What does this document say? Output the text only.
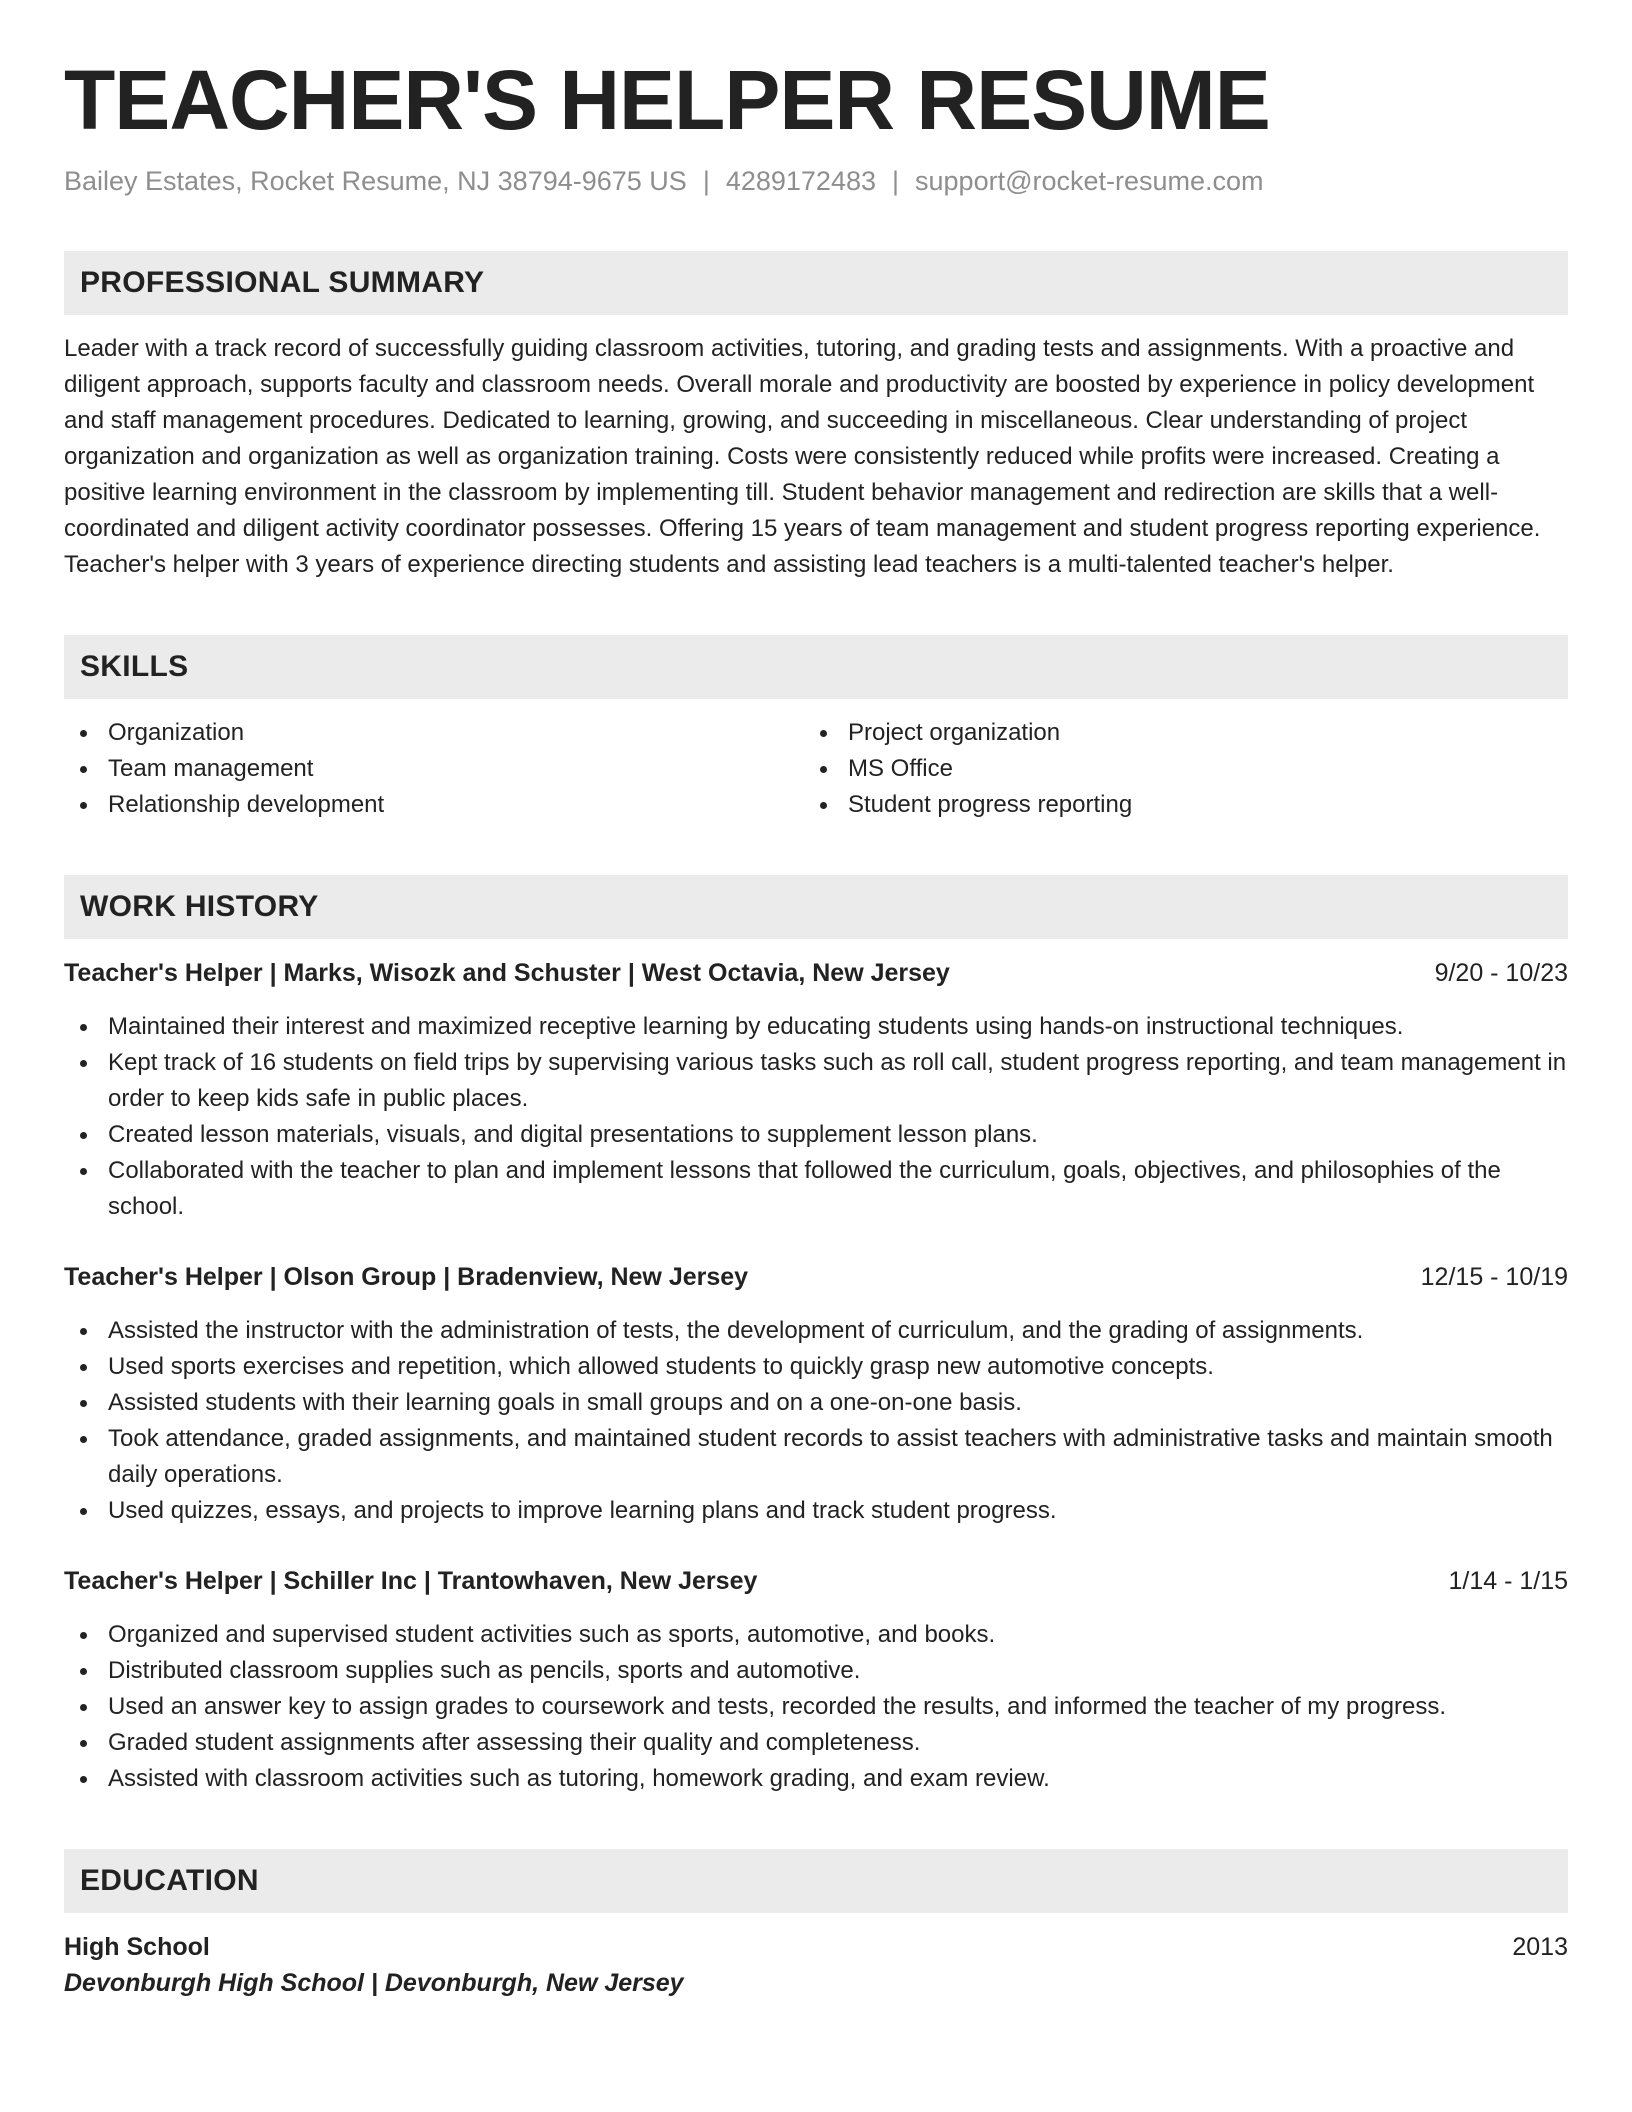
TEACHER'S HELPER RESUME
Bailey Estates, Rocket Resume, NJ 38794-9675 US | 4289172483 | support@rocket-resume.com
PROFESSIONAL SUMMARY

Leader with a track record of successfully guiding classroom activities, tutoring, and grading tests and assignments. With a proactive and diligent approach, supports faculty and classroom needs. Overall morale and productivity are boosted by experience in policy development and staff management procedures. Dedicated to learning, growing, and succeeding in miscellaneous. Clear understanding of project organization and organization as well as organization training. Costs were consistently reduced while profits were increased. Creating a positive learning environment in the classroom by implementing till. Student behavior management and redirection are skills that a well-coordinated and diligent activity coordinator possesses. Offering 15 years of team management and student progress reporting experience. Teacher's helper with 3 years of experience directing students and assisting lead teachers is a multi-talented teacher's helper.

SKILLS
Organization
Team management
Relationship development
Project organization
MS Office
Student progress reporting
WORK HISTORY
Teacher's Helper | Marks, Wisozk and Schuster | West Octavia, New Jersey	9/20 - 10/23
Maintained their interest and maximized receptive learning by educating students using hands-on instructional techniques.
Kept track of 16 students on field trips by supervising various tasks such as roll call, student progress reporting, and team management in order to keep kids safe in public places.
Created lesson materials, visuals, and digital presentations to supplement lesson plans.
Collaborated with the teacher to plan and implement lessons that followed the curriculum, goals, objectives, and philosophies of the school.
Teacher's Helper | Olson Group | Bradenview, New Jersey	12/15 - 10/19
Assisted the instructor with the administration of tests, the development of curriculum, and the grading of assignments.
Used sports exercises and repetition, which allowed students to quickly grasp new automotive concepts.
Assisted students with their learning goals in small groups and on a one-on-one basis.
Took attendance, graded assignments, and maintained student records to assist teachers with administrative tasks and maintain smooth daily operations.
Used quizzes, essays, and projects to improve learning plans and track student progress.
Teacher's Helper | Schiller Inc | Trantowhaven, New Jersey	1/14 - 1/15
Organized and supervised student activities such as sports, automotive, and books.
Distributed classroom supplies such as pencils, sports and automotive.
Used an answer key to assign grades to coursework and tests, recorded the results, and informed the teacher of my progress.
Graded student assignments after assessing their quality and completeness.
Assisted with classroom activities such as tutoring, homework grading, and exam review.
EDUCATION
High School	2013
Devonburgh High School | Devonburgh, New Jersey
